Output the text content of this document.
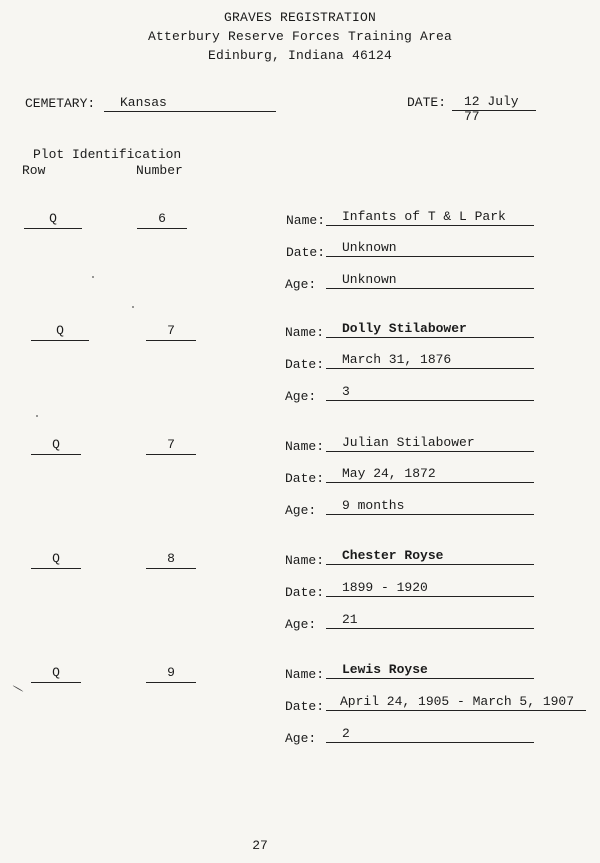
GRAVES REGISTRATION
Atterbury Reserve Forces Training Area
Edinburg, Indiana 46124
CEMETARY:	Kansas	DATE:	12 July 77
Plot Identification
Row	Number
Q	6	Name:	Infants of T & L Park
Date:	Unknown
Age:	Unknown
Q	7	Name:	Dolly Stilabower
Date:	March 31, 1876
Age:	3
Q	7	Name:	Julian Stilabower
Date:	May 24, 1872
Age:	9 months
Q	8	Name:	Chester Royse
Date:	1899 - 1920
Age:	21
Q	9	Name:	Lewis Royse
Date:	April 24, 1905 - March 5, 1907
Age:	2
27
